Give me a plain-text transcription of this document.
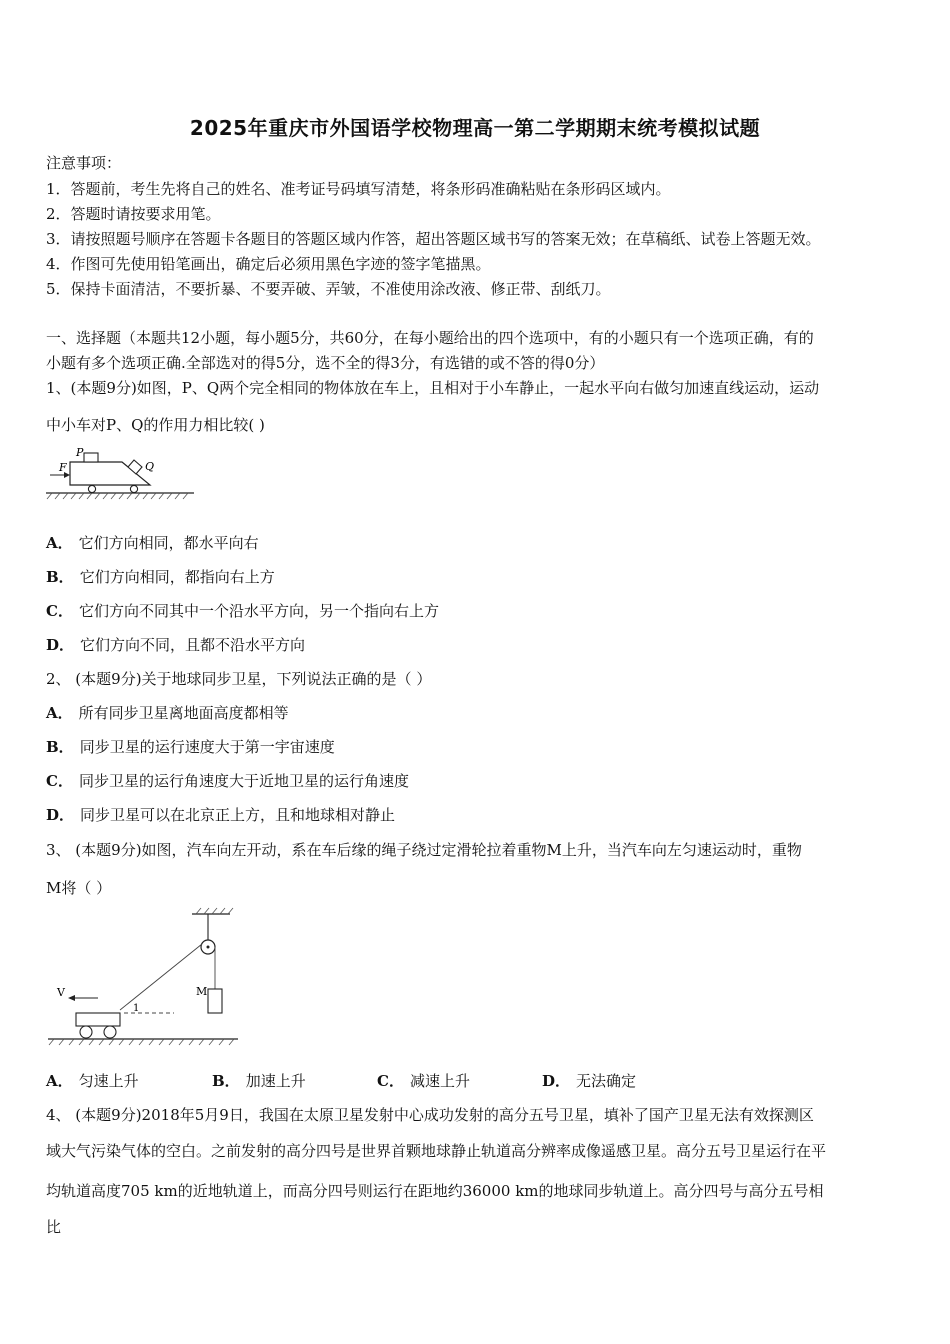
2025年重庆市外国语学校物理高一第二学期期末统考模拟试题
注意事项：
1．答题前，考生先将自己的姓名、准考证号码填写清楚，将条形码准确粘贴在条形码区域内。
2．答题时请按要求用笔。
3．请按照题号顺序在答题卡各题目的答题区域内作答，超出答题区域书写的答案无效；在草稿纸、试卷上答题无效。
4．作图可先使用铅笔画出，确定后必须用黑色字迹的签字笔描黑。
5．保持卡面清洁，不要折暴、不要弄破、弄皱，不准使用涂改液、修正带、刮纸刀。
一、选择题（本题共12小题，每小题5分，共60分，在每小题给出的四个选项中，有的小题只有一个选项正确，有的
小题有多个选项正确.全部选对的得5分，选不全的得3分，有选错的或不答的得0分）
1、(本题9分)如图，P、Q两个完全相同的物体放在车上，且相对于小车静止，一起水平向右做匀加速直线运动，运动
中小车对P、Q的作用力相比较( )
P
Q
F
A． 它们方向相同，都水平向右
B． 它们方向相同，都指向右上方
C． 它们方向不同其中一个沿水平方向，另一个指向右上方
D． 它们方向不同，且都不沿水平方向
2、 (本题9分)关于地球同步卫星，下列说法正确的是（ ）
A． 所有同步卫星离地面高度都相等
B． 同步卫星的运行速度大于第一宇宙速度
C． 同步卫星的运行角速度大于近地卫星的运行角速度
D． 同步卫星可以在北京正上方，且和地球相对静止
3、 (本题9分)如图，汽车向左开动，系在车后缘的绳子绕过定滑轮拉着重物M上升，当汽车向左匀速运动时，重物
M将（ ）
V	M
1
A． 匀速上升	B． 加速上升	C． 减速上升	D． 无法确定
4、 (本题9分)2018年5月9日，我国在太原卫星发射中心成功发射的高分五号卫星，填补了国产卫星无法有效探测区
域大气污染气体的空白。之前发射的高分四号是世界首颗地球静止轨道高分辨率成像遥感卫星。高分五号卫星运行在平
均轨道高度705 km的近地轨道上，而高分四号则运行在距地约36000 km的地球同步轨道上。高分四号与高分五号相
比
